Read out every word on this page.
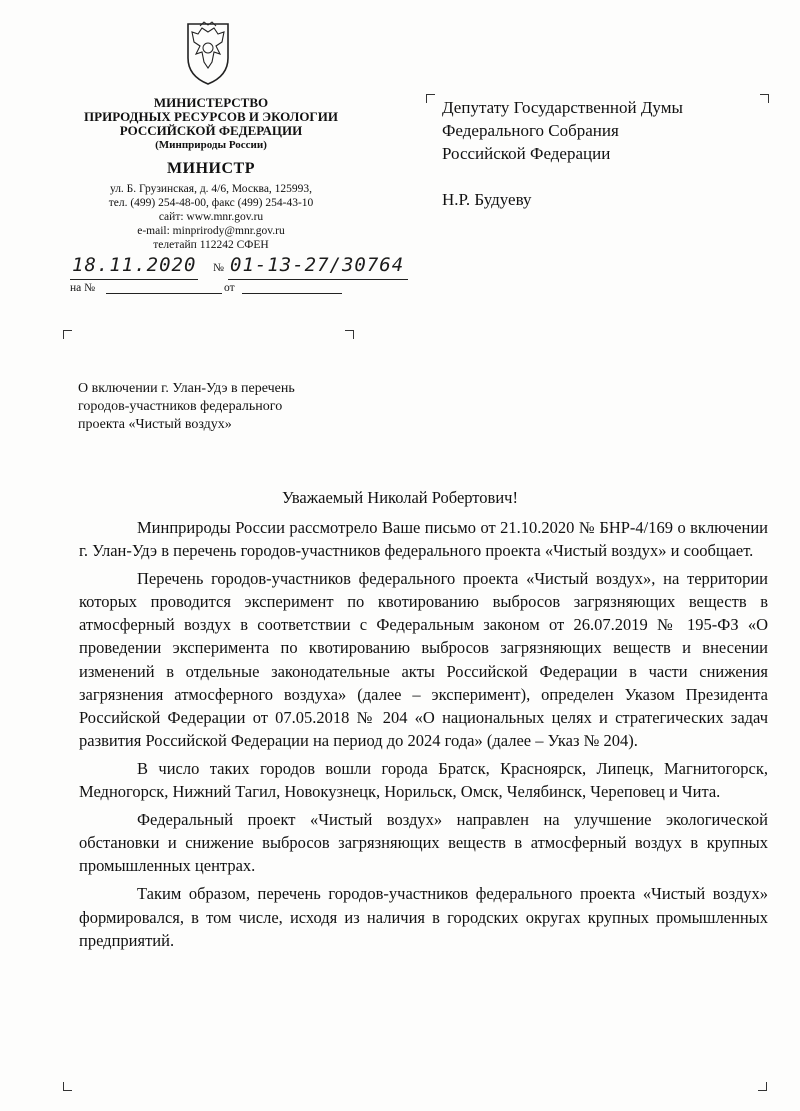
МИНИСТЕРСТВО
ПРИРОДНЫХ РЕСУРСОВ И ЭКОЛОГИИ
РОССИЙСКОЙ ФЕДЕРАЦИИ
(Минприроды России)
МИНИСТР
ул. Б. Грузинская, д. 4/6, Москва, 125993,
тел. (499) 254-48-00, факс (499) 254-43-10
сайт: www.mnr.gov.ru
e-mail: minprirody@mnr.gov.ru
телетайп 112242 СФЕН
18.11.2020 № 01-13-27/30764
на №	от
Депутату Государственной Думы
Федерального Собрания
Российской Федерации
Н.Р. Будуеву
О включении г. Улан-Удэ в перечень
городов-участников федерального
проекта «Чистый воздух»
Уважаемый Николай Робертович!

Минприроды России рассмотрело Ваше письмо от 21.10.2020 № БНР-4/169 о включении г. Улан-Удэ в перечень городов-участников федерального проекта «Чистый воздух» и сообщает.

Перечень городов-участников федерального проекта «Чистый воздух», на территории которых проводится эксперимент по квотированию выбросов загрязняющих веществ в атмосферный воздух в соответствии с Федеральным законом от 26.07.2019 № 195-ФЗ «О проведении эксперимента по квотированию выбросов загрязняющих веществ и внесении изменений в отдельные законодательные акты Российской Федерации в части снижения загрязнения атмосферного воздуха» (далее – эксперимент), определен Указом Президента Российской Федерации от 07.05.2018 № 204 «О национальных целях и стратегических задач развития Российской Федерации на период до 2024 года» (далее – Указ № 204).

В число таких городов вошли города Братск, Красноярск, Липецк, Магнитогорск, Медногорск, Нижний Тагил, Новокузнецк, Норильск, Омск, Челябинск, Череповец и Чита.

Федеральный проект «Чистый воздух» направлен на улучшение экологической обстановки и снижение выбросов загрязняющих веществ в атмосферный воздух в крупных промышленных центрах.

Таким образом, перечень городов-участников федерального проекта «Чистый воздух» формировался, в том числе, исходя из наличия в городских округах крупных промышленных предприятий.
